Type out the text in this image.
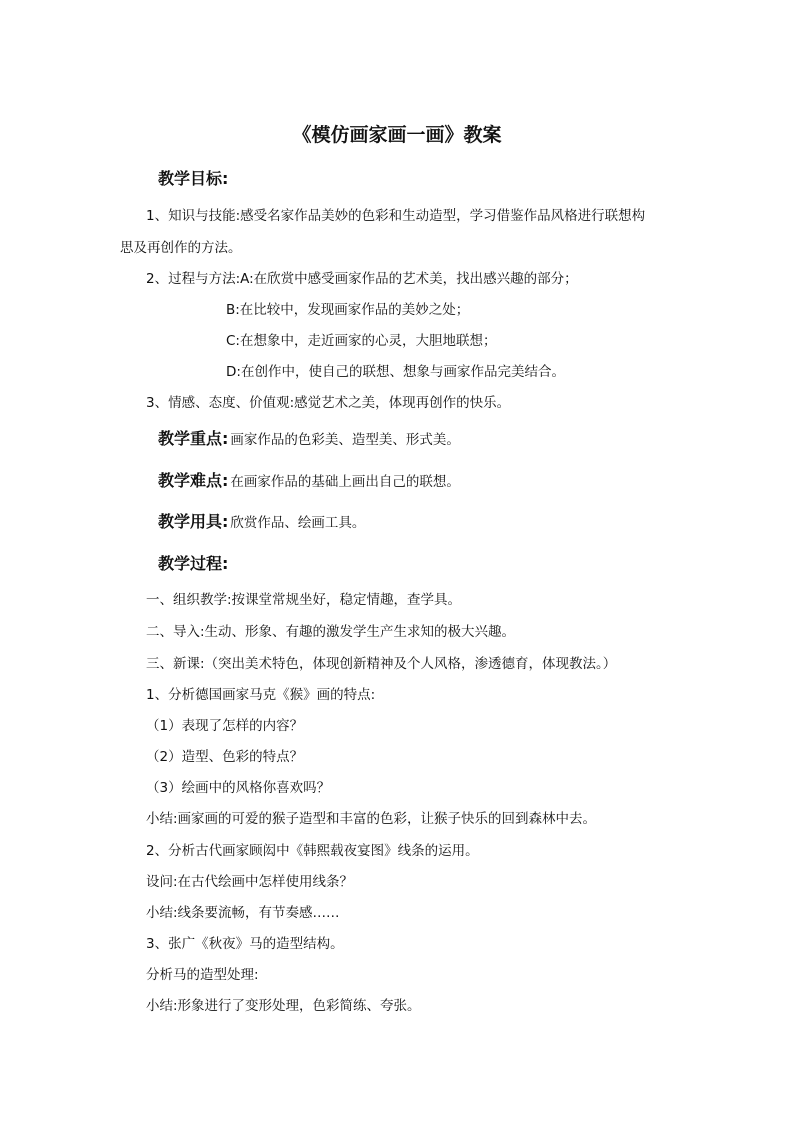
《模仿画家画一画》教案
教学目标:
1、知识与技能:感受名家作品美妙的色彩和生动造型，学习借鉴作品风格进行联想构
思及再创作的方法。
2、过程与方法:A:在欣赏中感受画家作品的艺术美，找出感兴趣的部分；
B:在比较中，发现画家作品的美妙之处；
C:在想象中，走近画家的心灵，大胆地联想；
D:在创作中，使自己的联想、想象与画家作品完美结合。
3、情感、态度、价值观:感觉艺术之美，体现再创作的快乐。
教学重点: 画家作品的色彩美、造型美、形式美。
教学难点: 在画家作品的基础上画出自己的联想。
教学用具: 欣赏作品、绘画工具。
教学过程:
一、组织教学:按课堂常规坐好，稳定情趣，查学具。
二、导入:生动、形象、有趣的激发学生产生求知的极大兴趣。
三、新课:（突出美术特色，体现创新精神及个人风格，渗透德育，体现教法。）
1、分析德国画家马克《猴》画的特点:
（1）表现了怎样的内容？
（2）造型、色彩的特点？
（3）绘画中的风格你喜欢吗？
小结:画家画的可爱的猴子造型和丰富的色彩，让猴子快乐的回到森林中去。
2、分析古代画家顾闳中《韩熙载夜宴图》线条的运用。
设问:在古代绘画中怎样使用线条？
小结:线条要流畅，有节奏感……
3、张广《秋夜》马的造型结构。
分析马的造型处理:
小结:形象进行了变形处理，色彩简练、夸张。
